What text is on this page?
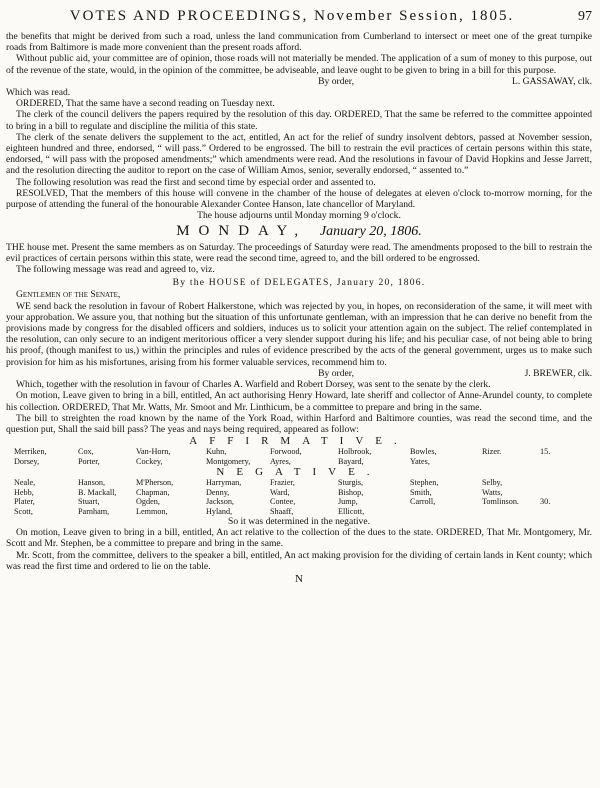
VOTES AND PROCEEDINGS, November Session, 1805.	97

the benefits that might be derived from such a road, unless the land communication from Cumberland to intersect or meet one of the great turnpike roads from Baltimore is made more convenient than the present roads afford.

Without public aid, your committee are of opinion, those roads will not materially be mended. The application of a sum of money to this purpose, out of the revenue of the state, would, in the opinion of the committee, be adviseable, and leave ought to be given to bring in a bill for this purpose.

By order,	L. GASSAWAY, clk.

Which was read.

ORDERED, That the same have a second reading on Tuesday next.

The clerk of the council delivers the papers required by the resolution of this day. ORDERED, That the same be referred to the committee appointed to bring in a bill to regulate and discipline the militia of this state.

The clerk of the senate delivers the supplement to the act, entitled, An act for the relief of sundry insolvent debtors, passed at November session, eighteen hundred and three, endorsed, “ will pass.” Ordered to be engrossed. The bill to restrain the evil practices of certain persons within this state, endorsed, “ will pass with the proposed amendments;” which amendments were read. And the resolutions in favour of David Hopkins and Jesse Jarrett, and the resolution directing the auditor to report on the case of William Amos, senior, severally endorsed, “ assented to.”

The following resolution was read the first and second time by especial order and assented to.

RESOLVED, That the members of this house will convene in the chamber of the house of delegates at eleven o'clock to-morrow morning, for the purpose of attending the funeral of the honourable Alexander Contee Hanson, late chancellor of Maryland.

The house adjourns until Monday morning 9 o'clock.

MONDAY, January 20, 1806.

THE house met. Present the same members as on Saturday. The proceedings of Saturday were read. The amendments proposed to the bill to restrain the evil practices of certain persons within this state, were read the second time, agreed to, and the bill ordered to be engrossed.

The following message was read and agreed to, viz.

By the HOUSE of DELEGATES, January 20, 1806.

Gentlemen of the Senate,

WE send back the resolution in favour of Robert Halkerstone, which was rejected by you, in hopes, on reconsideration of the same, it will meet with your approbation. We assure you, that nothing but the situation of this unfortunate gentleman, with an impression that he can derive no benefit from the provisions made by congress for the disabled officers and soldiers, induces us to solicit your attention again on the subject. The relief contemplated in the resolution, can only secure to an indigent meritorious officer a very slender support during his life; and his peculiar case, of not being able to bring his proof, (though manifest to us,) within the principles and rules of evidence prescribed by the acts of the general government, urges us to make such provision for him as his misfortunes, arising from his former valuable services, recommend him to.

By order,	J. BREWER, clk.

Which, together with the resolution in favour of Charles A. Warfield and Robert Dorsey, was sent to the senate by the clerk.

On motion, Leave given to bring in a bill, entitled, An act authorising Henry Howard, late sheriff and collector of Anne-Arundel county, to complete his collection. ORDERED, That Mr. Watts, Mr. Smoot and Mr. Linthicum, be a committee to prepare and bring in the same.

The bill to streighten the road known by the name of the York Road, within Harford and Baltimore counties, was read the second time, and the question put, Shall the said bill pass? The yeas and nays being required, appeared as follow:

AFFIRMATIVE.

Merriken,	Cox,	Van-Horn,	Kuhn,	Forwood,	Holbrook,	Bowles,	Rizer.	15.
Dorsey,	Porter,	Cockey,	Montgomery,	Ayres,	Bayard,	Yates,

NEGATIVE.

Neale,	Hanson,	M'Pherson,	Harryman,	Frazier,	Sturgis,	Stephen,	Selby,
Hebb,	B. Mackall,	Chapman,	Denny,	Ward,	Bishop,	Smith,	Watts,
Plater,	Stuart,	Ogden,	Jackson,	Contee,	Jump,	Carroll,	Tomlinson.	30.
Scott,	Parnham,	Lemmon,	Hyland,	Shaaff,	Ellicott,

So it was determined in the negative.

On motion, Leave given to bring in a bill, entitled, An act relative to the collection of the dues to the state. ORDERED, That Mr. Montgomery, Mr. Scott and Mr. Stephen, be a committee to prepare and bring in the same.

Mr. Scott, from the committee, delivers to the speaker a bill, entitled, An act making provision for the dividing of certain lands in Kent county; which was read the first time and ordered to lie on the table.

N
